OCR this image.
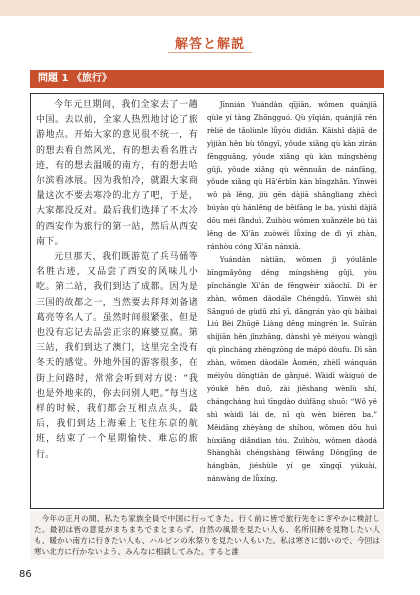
解答と解説
問題 1 《旅行》

今年元旦期间，我们全家去了一趟中国。去以前，全家人热烈地讨论了旅游地点。开始大家的意见很不统一，有的想去看自然风光，有的想去看名胜古迹，有的想去温暖的南方，有的想去哈尔滨看冰展。因为我怕冷，就跟大家商量这次不要去寒冷的北方了吧，于是，大家都没反对。最后我们选择了不太冷的西安作为旅行的第一站，然后从西安南下。

元旦那天，我们既游览了兵马俑等名胜古迹，又品尝了西安的风味儿小吃。第二站，我们到达了成都。因为是三国的故都之一，当然要去拜拜刘备诸葛亮等名人了。虽然时间很紧张，但是也没有忘记去品尝正宗的麻婆豆腐。第三站，我们到达了澳门，这里完全没有冬天的感觉。外地外国的游客很多，在街上问路时，常常会听到对方说：“我也是外地来的，你去问别人吧。”每当这样的时候，我们都会互相点点头，最后，我们到达上海乘上飞往东京的航班，结束了一个星期愉快、难忘的旅行。

Jīnnián Yuándàn qījiān, wǒmen quánjiā qùle yí tàng Zhōngguó. Qù yǐqián, quánjiā rén rèliè de tǎolùnle lǚyóu dìdiǎn. Kāishǐ dàjiā de yìjiàn hěn bù tǒngyī, yǒude xiǎng qù kàn zìrán fēngguāng, yǒude xiǎng qù kàn míngshèng gǔjì, yǒude xiǎng qù wēnnuǎn de nánfāng, yǒude xiǎng qù Hā'ěrbīn kàn bīngzhǎn. Yīnwèi wǒ pà lěng, jiù gēn dàjiā shāngliang zhècì búyào qù hánlěng de běifāng le ba, yúshì dàjiā dōu méi fǎnduì. Zuìhòu wǒmen xuǎnzéle bú tài lěng de Xī'ān zuòwéi lǚxíng de dì yī zhàn, ránhòu cóng Xī'ān nánxià.

Yuándàn nàtiān, wǒmen jì yóulǎnle bīngmǎyǒng děng míngshèng gǔjì, yòu pǐnchángle Xī'ān de fēngwèir xiǎochī. Dì èr zhàn, wǒmen dàodále Chéngdū. Yīnwèi shì Sānguó de gùdū zhī yī, dāngrán yào qù bàibai Liú Bèi Zhūgě Liàng děng míngrén le. Suīrán shíjiān hěn jǐnzhāng, dànshì yě méiyou wàngjì qù pǐncháng zhèngzōng de mápó dòufu. Dì sān zhàn, wǒmen dàodále Àomén, zhèlǐ wánquán méiyǒu dōngtiān de gǎnjué. Wàidì wàiguó de yóukè hěn duō, zài jiēshang wènlù shí, chángcháng huì tīngdào duìfāng shuō: “Wǒ yě shì wàidì lái de, nǐ qù wèn biéren ba.” Měidāng zhèyàng de shíhou, wǒmen dōu huì hùxiāng diǎndian tóu. Zuìhòu, wǒmen dàodá Shànghǎi chéngshàng fēiwǎng Dōngjīng de hángbān, jiéshùle yí ge xīngqī yúkuài, nánwàng de lǚxíng.

今年の正月の間、私たち家族全員で中国に行ってきた。行く前に皆で旅行先をにぎやかに検討した。最初は皆の意見がまちまちでまとまらず、自然の風景を見たい人も、名所旧跡を見物したい人も、暖かい南方に行きたい人も、ハルビンの氷祭りを見たい人もいた。私は寒さに弱いので、今回は寒い北方に行かないよう、みんなに相談してみた。すると誰

86
